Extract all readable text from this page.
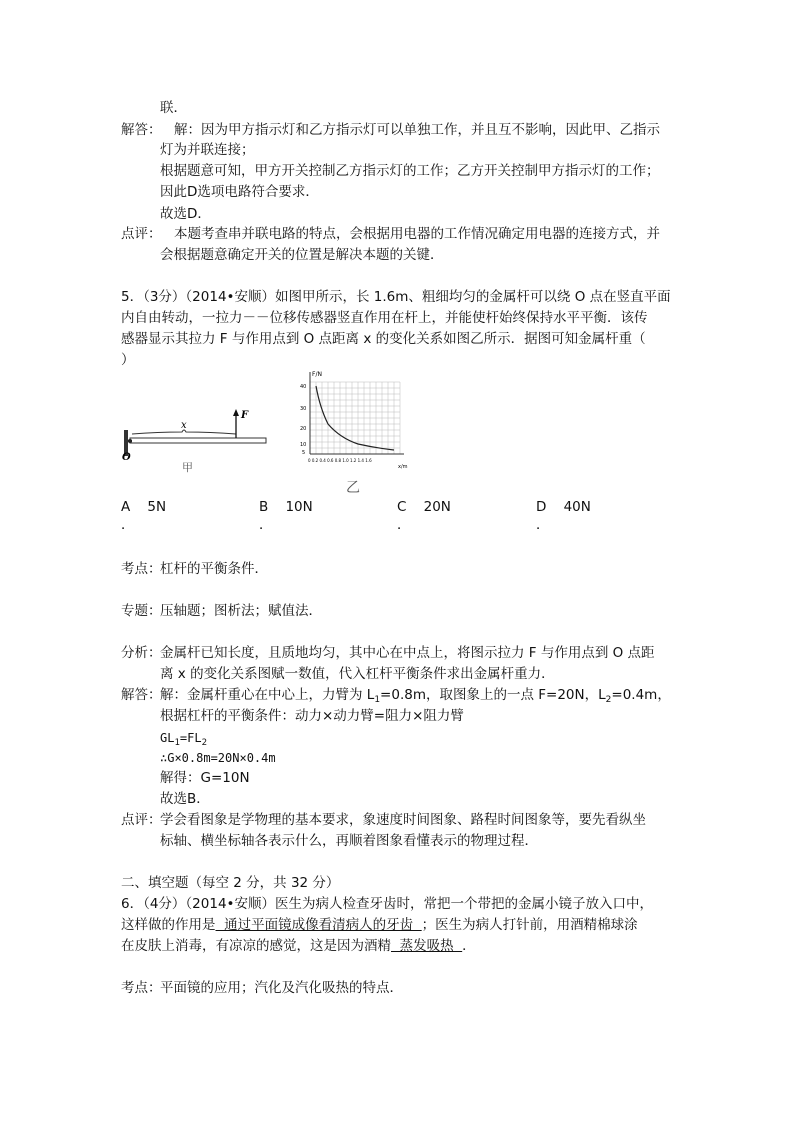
联．
解答： 解：因为甲方指示灯和乙方指示灯可以单独工作，并且互不影响，因此甲、乙指示
灯为并联连接；
根据题意可知，甲方开关控制乙方指示灯的工作；乙方开关控制甲方指示灯的工作；
因此D选项电路符合要求．
故选D．
点评： 本题考查串并联电路的特点，会根据用电器的工作情况确定用电器的连接方式，并
会根据题意确定开关的位置是解决本题的关键．
5．（3分）（2014•安顺）如图甲所示，长 1.6m、粗细均匀的金属杆可以绕 O 点在竖直平面
内自由转动，一拉力－－位移传感器竖直作用在杆上，并能使杆始终保持水平平衡．该传
感器显示其拉力 F 与作用点到 O 点距离 x 的变化关系如图乙所示．据图可知金属杆重（
）
x
F
O
甲
F/N
x/m
40
30
20
10
5
0 0.2 0.4 0.6 0.8 1.0 1.2 1.4 1.6
乙
A 5N
．
B 10N
．
C 20N
．
D 40N
．
考点：
杠杆的平衡条件．
专题：
压轴题；图析法；赋值法．
分析：
金属杆已知长度，且质地均匀，其中心在中点上，将图示拉力 F 与作用点到 O 点距
离 x 的变化关系图赋一数值，代入杠杆平衡条件求出金属杆重力．
解答：
解：金属杆重心在中心上，力臂为 $L_1=0.8m$，取图象上的一点 F=20N，$L_2=0.4m$，
根据杠杆的平衡条件：动力×动力臂=阻力×阻力臂
$GL_1=FL_2$
∴G×0.8m=20N×0.4m
解得：G=10N
故选B．
点评：
学会看图象是学物理的基本要求，象速度时间图象、路程时间图象等，要先看纵坐
标轴、横坐标轴各表示什么，再顺着图象看懂表示的物理过程．
二、填空题（每空 2 分，共 32 分）
6．（4分）（2014•安顺）医生为病人检查牙齿时，常把一个带把的金属小镜子放入口中，
这样做的作用是  通过平面镜成像看清病人的牙齿  ；医生为病人打针前，用酒精棉球涂
在皮肤上消毒，有凉凉的感觉，这是因为酒精  蒸发吸热  ．
考点：
平面镜的应用；汽化及汽化吸热的特点．
